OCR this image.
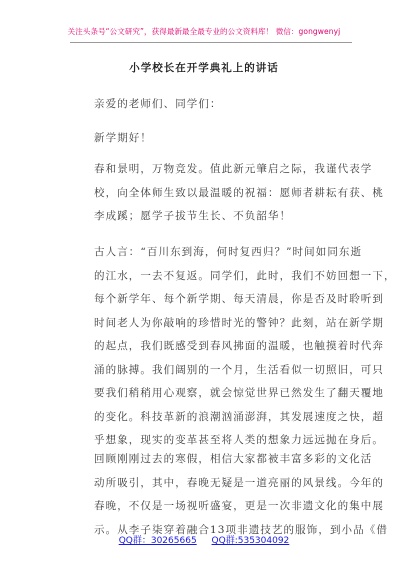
关注头条号“公文研究”，获得最新最全最专业的公文资料库！ 微信：gongwenyj
小学校长在开学典礼上的讲话
亲爱的老师们、同学们：
新学期好！
春和景明，万物竞发。值此新元肇启之际，我谨代表学
校，向全体师生致以最温暖的祝福：愿师者耕耘有获、桃
李成蹊；愿学子拔节生长、不负韶华！
古人言：“百川东到海，何时复西归？”时间如同东逝
的江水，一去不复返。同学们，此时，我们不妨回想一下，
每个新学年、每个新学期、每天清晨，你是否及时聆听到
时间老人为你敲响的珍惜时光的警钟？此刻，站在新学期
的起点，我们既感受到春风拂面的温暖，也触摸着时代奔
涌的脉搏。我们阔别的一个月，生活看似一切照旧，可只
要我们稍稍用心观察，就会惊觉世界已然发生了翻天覆地
的变化。科技革新的浪潮汹涌澎湃，其发展速度之快，超
乎想象，现实的变革甚至将人类的想象力远远抛在身后。
回顾刚刚过去的寒假，相信大家都被丰富多彩的文化活
动所吸引，其中，春晚无疑是一道亮丽的风景线。今年的
春晚，不仅是一场视听盛宴，更是一次非遗文化的集中展
示。从李子柒穿着融合13项非遗技艺的服饰，到小品《借
QQ群：30265665 QQ群:535304092
